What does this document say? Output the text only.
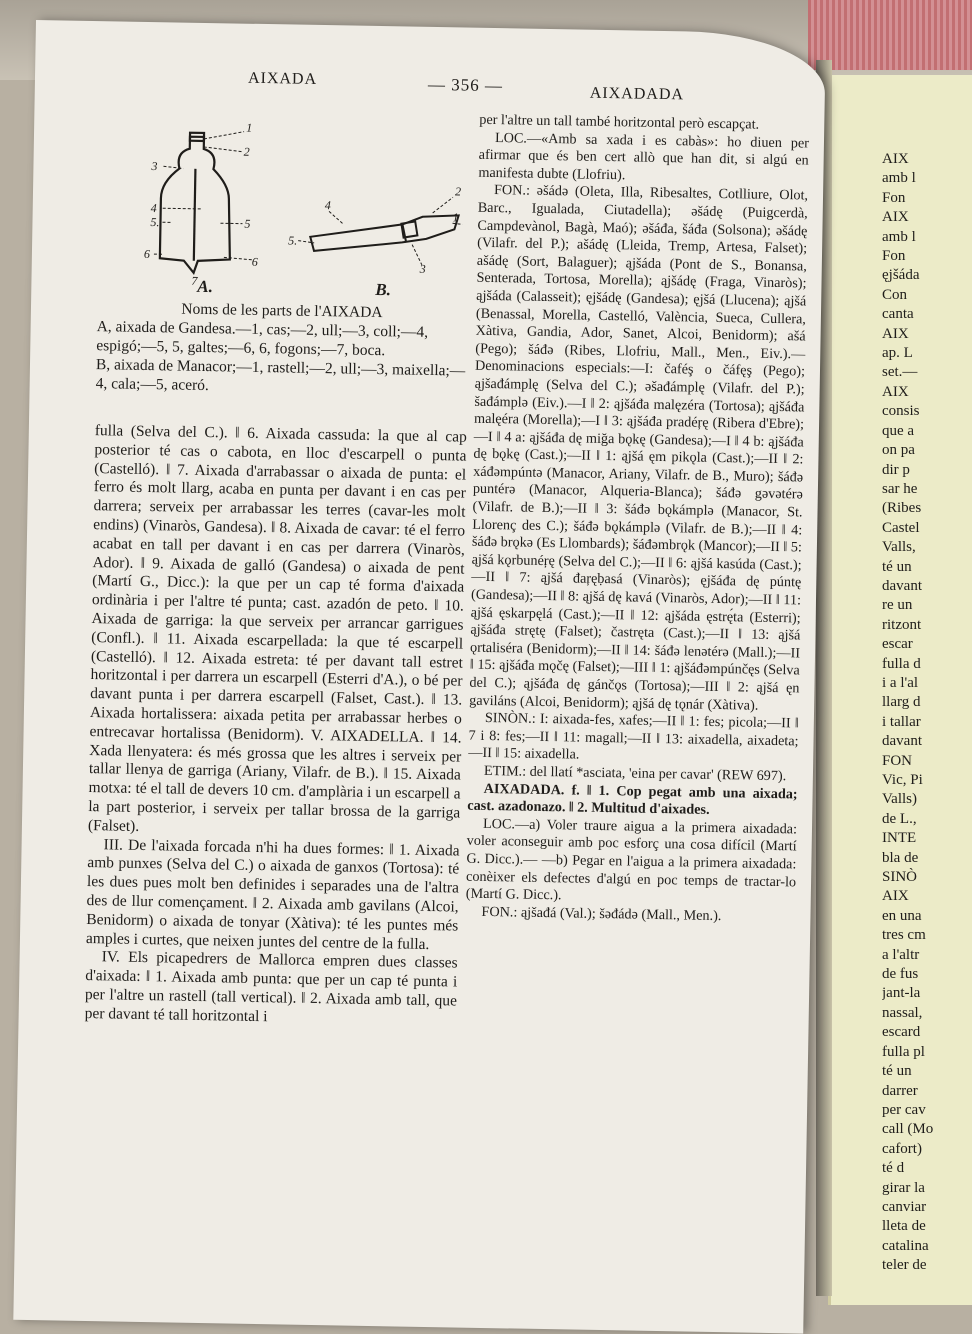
AIX
amb l
Fon
AIX
amb l
Fon
ęjšáda
Con
canta
AIX
ap. L
set.—
AIX
consis
que a
on pa
dir p
sar he
(Ribes
Castel
Valls,
té un
davant
re un
ritzont
escar
fulla d
i a l'al
llarg d
i tallar
davant
FON
Vic, Pi
Valls)
de L.,
INTE
bla de
SINÒ
AIX
en una
tres cm
a l'altr
de fus
jant-la
nassal,
escard
fulla pl
té un
darrer
per cav
call (Mo
cafort)
té d
girar la
canviar
lleta de
catalina
teler de
AIXADA	— 356 —	AIXADADA
1
2
3
4
5.	5
6
6
7
2
1
4
5.
3
A.	B.
Noms de les parts de l'AIXADA

A, aixada de Gandesa.—1, cas;—2, ull;—3, coll;—4, espigó;—5, 5, galtes;—6, 6, fogons;—7, boca.

B, aixada de Manacor;—1, rastell;—2, ull;—3, maixella;—4, cala;—5, aceró.

fulla (Selva del C.). ‖ 6. Aixada cassuda: la que al cap posterior té cas o cabota, en lloc d'escarpell o punta (Castelló). ‖ 7. Aixada d'arrabassar o aixada de punta: el ferro és molt llarg, acaba en punta per davant i en cas per darrera; serveix per arrabassar les terres (cavar-les molt endins) (Vinaròs, Gandesa). ‖ 8. Aixada de cavar: té el ferro acabat en tall per davant i en cas per darrera (Vinaròs, Ador). ‖ 9. Aixada de galló (Gandesa) o aixada de pent (Martí G., Dicc.): la que per un cap té forma d'aixada ordinària i per l'altre té punta; cast. azadón de peto. ‖ 10. Aixada de garriga: la que serveix per arrancar garrigues (Confl.). ‖ 11. Aixada escarpellada: la que té escarpell (Castelló). ‖ 12. Aixada estreta: té per davant tall estret horitzontal i per darrera un escarpell (Esterri d'A.), o bé per davant punta i per darrera escarpell (Falset, Cast.). ‖ 13. Aixada hortalissera: aixada petita per arrabassar herbes o entrecavar hortalissa (Benidorm). V. AIXADELLA. ‖ 14. Xada llenyatera: és més grossa que les altres i serveix per tallar llenya de garriga (Ariany, Vilafr. de B.). ‖ 15. Aixada motxa: té el tall de devers 10 cm. d'amplària i un escarpell a la part posterior, i serveix per tallar brossa de la garriga (Falset).

III. De l'aixada forcada n'hi ha dues formes: ‖ 1. Aixada amb punxes (Selva del C.) o aixada de ganxos (Tortosa): té les dues pues molt ben definides i separades una de l'altra des de llur començament. ‖ 2. Aixada amb gavilans (Alcoi, Benidorm) o aixada de tonyar (Xàtiva): té les puntes més amples i curtes, que neixen juntes del centre de la fulla.

IV. Els picapedrers de Mallorca empren dues classes d'aixada: ‖ 1. Aixada amb punta: que per un cap té punta i per l'altre un rastell (tall vertical). ‖ 2. Aixada amb tall, que per davant té tall horitzontal i

per l'altre un tall també horitzontal però escapçat.

LOC.—«Amb sa xada i es cabàs»: ho diuen per afirmar que és ben cert allò que han dit, si algú en manifesta dubte (Llofriu).

FON.: əšádə (Oleta, Illa, Ribesaltes, Cotlliure, Olot, Barc., Igualada, Ciutadella); əšádę (Puigcerdà, Campdevànol, Bagà, Maó); əšáđa, šáđa (Solsona); əšádę (Vilafr. del P.); ašádę (Lleida, Tremp, Artesa, Falset); ašádę (Sort, Balaguer); ąjšáda (Pont de S., Bonansa, Senterada, Tortosa, Morella); ąjšádę (Fraga, Vinaròs); ąjšáda (Calasseit); ęjšádę (Gandesa); ęjšá (Llucena); ąjšá (Benassal, Morella, Castelló, València, Sueca, Cullera, Xàtiva, Gandia, Ador, Sanet, Alcoi, Benidorm); ašá (Pego); šáđə (Ribes, Llofriu, Mall., Men., Eiv.).— Denominacions especials:—I: čaféş o čáfęş (Pego); ąjšađámplę (Selva del C.); əšađámplę (Vilafr. del P.); šađámplə (Eiv.).—I ‖ 2: ąjšáđa malęzéra (Tortosa); ąjšáđa malęéra (Morella);—I ‖ 3: ąjšáđa pradéŗę (Ribera d'Ebre);—I ‖ 4 a: ąjšáđa dę miğa bǫkę (Gandesa);—I ‖ 4 b: ąjšáđa dę bǫkę (Cast.);—II ‖ 1: ąjšá ęm pikǫla (Cast.);—II ‖ 2: xáđəmpúntə (Manacor, Ariany, Vilafr. de B., Muro); šáđə puntérə (Manacor, Alqueria-Blanca); šáđə gəvətérə (Vilafr. de B.);—II ‖ 3: šáđə bǫkámplə (Manacor, St. Llorenç des C.); šáđə bǫkámplə (Vilafr. de B.);—II ‖ 4: šáđə brǫkə (Es Llombards); šáđəmbrǫk (Mancor);—II ‖ 5: ąjšá kǫrbunéŗę (Selva del C.);—II ‖ 6: ąjšá kasúda (Cast.);—II ‖ 7: ąjšá đaŗęḅasá (Vinaròs); ęjšáđa dę púntę (Gandesa);—II ‖ 8: ąjšá dę kavá (Vinaròs, Ador);—II ‖ 11: ąjšá ęskarpęlá (Cast.);—II ‖ 12: ąjšáda ęstrę́ta (Esterri); ąjšáđa strętę (Falset); častręta (Cast.);—II ‖ 13: ąjšá ǫrtaliséra (Benidorm);—II ‖ 14: šáđə lenətérə (Mall.);—II ‖ 15: ąjšáđa mǫčę (Falset);—III ‖ 1: ąjšáđəmpúnčęs (Selva del C.); ąjšáđa dę gánčǫs (Tortosa);—III ‖ 2: ąjšá ęn gaviláns (Alcoi, Benidorm); ąjšá dę tǫnár (Xàtiva).

SINÒN.: I: aixada-fes, xafes;—II ‖ 1: fes; picola;—II ‖ 7 i 8: fes;—II ‖ 11: magall;—II ‖ 13: aixadella, aixadeta;—II ‖ 15: aixadella.

ETIM.: del llatí *asciata, 'eina per cavar' (REW 697).

AIXADADA. f. ‖ 1. Cop pegat amb una aixada; cast. azadonazo. ‖ 2. Multitud d'aixades.

LOC.—a) Voler traure aigua a la primera aixadada: voler aconseguir amb poc esforç una cosa difícil (Martí G. Dicc.).— —b) Pegar en l'aigua a la primera aixadada: conèixer els defectes d'algú en poc temps de tractar-lo (Martí G. Dicc.).

FON.: ąjšađá (Val.); šəđádə (Mall., Men.).
